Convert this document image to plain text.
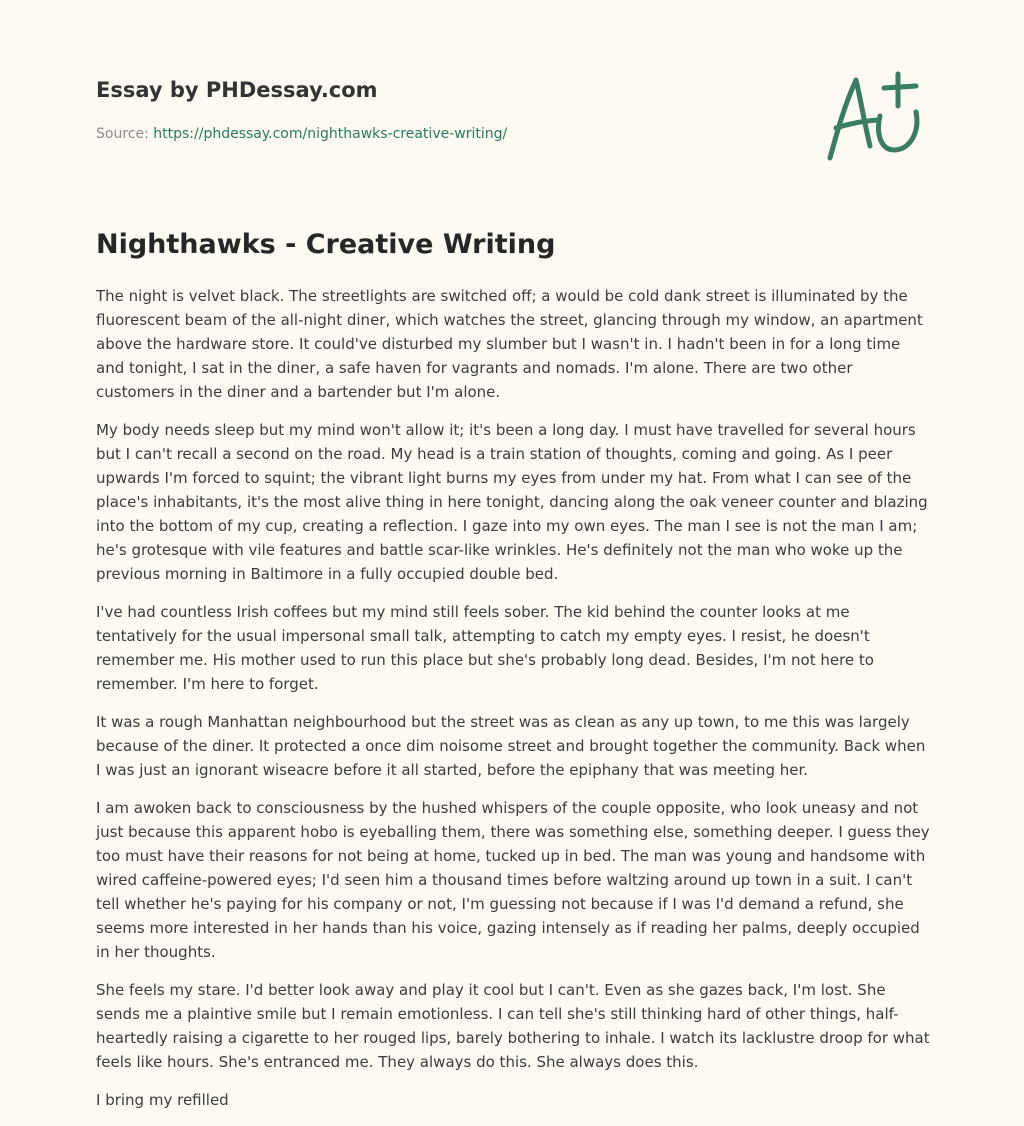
Essay by PHDessay.com
Source: https://phdessay.com/nighthawks-creative-writing/
Nighthawks - Creative Writing

The night is velvet black. The streetlights are switched off; a would be cold dank street is illuminated by the fluorescent beam of the all-night diner, which watches the street, glancing through my window, an apartment above the hardware store. It could've disturbed my slumber but I wasn't in. I hadn't been in for a long time and tonight, I sat in the diner, a safe haven for vagrants and nomads. I'm alone. There are two other customers in the diner and a bartender but I'm alone.

My body needs sleep but my mind won't allow it; it's been a long day. I must have travelled for several hours but I can't recall a second on the road. My head is a train station of thoughts, coming and going. As I peer upwards I'm forced to squint; the vibrant light burns my eyes from under my hat. From what I can see of the place's inhabitants, it's the most alive thing in here tonight, dancing along the oak veneer counter and blazing into the bottom of my cup, creating a reflection. I gaze into my own eyes. The man I see is not the man I am; he's grotesque with vile features and battle scar-like wrinkles. He's definitely not the man who woke up the previous morning in Baltimore in a fully occupied double bed.

I've had countless Irish coffees but my mind still feels sober. The kid behind the counter looks at me tentatively for the usual impersonal small talk, attempting to catch my empty eyes. I resist, he doesn't remember me. His mother used to run this place but she's probably long dead. Besides, I'm not here to remember. I'm here to forget.

It was a rough Manhattan neighbourhood but the street was as clean as any up town, to me this was largely because of the diner. It protected a once dim noisome street and brought together the community. Back when I was just an ignorant wiseacre before it all started, before the epiphany that was meeting her.

I am awoken back to consciousness by the hushed whispers of the couple opposite, who look uneasy and not just because this apparent hobo is eyeballing them, there was something else, something deeper. I guess they too must have their reasons for not being at home, tucked up in bed. The man was young and handsome with wired caffeine-powered eyes; I'd seen him a thousand times before waltzing around up town in a suit. I can't tell whether he's paying for his company or not, I'm guessing not because if I was I'd demand a refund, she seems more interested in her hands than his voice, gazing intensely as if reading her palms, deeply occupied in her thoughts.

She feels my stare. I'd better look away and play it cool but I can't. Even as she gazes back, I'm lost. She sends me a plaintive smile but I remain emotionless. I can tell she's still thinking hard of other things, half-heartedly raising a cigarette to her rouged lips, barely bothering to inhale. I watch its lacklustre droop for what feels like hours. She's entranced me. They always do this. She always does this.

I bring my refilled
